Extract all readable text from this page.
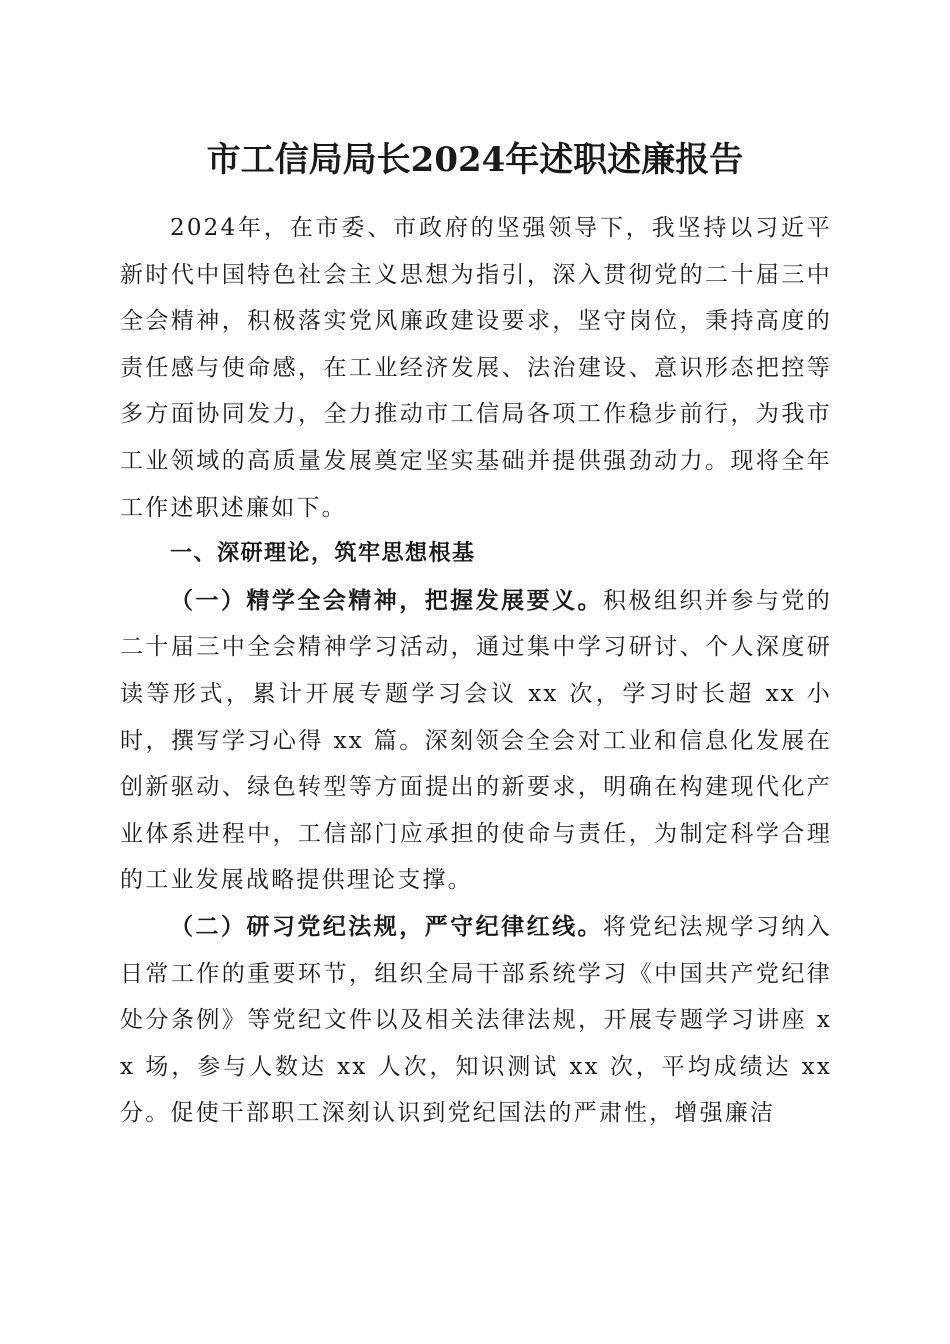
市工信局局长2024年述职述廉报告

2024年，在市委、市政府的坚强领导下，我坚持以习近平新时代中国特色社会主义思想为指引，深入贯彻党的二十届三中全会精神，积极落实党风廉政建设要求，坚守岗位，秉持高度的责任感与使命感，在工业经济发展、法治建设、意识形态把控等多方面协同发力，全力推动市工信局各项工作稳步前行，为我市工业领域的高质量发展奠定坚实基础并提供强劲动力。现将全年工作述职述廉如下。

一、深研理论，筑牢思想根基

（一）精学全会精神，把握发展要义。积极组织并参与党的二十届三中全会精神学习活动，通过集中学习研讨、个人深度研读等形式，累计开展专题学习会议 xx 次，学习时长超 xx 小时，撰写学习心得 xx 篇。深刻领会全会对工业和信息化发展在创新驱动、绿色转型等方面提出的新要求，明确在构建现代化产业体系进程中，工信部门应承担的使命与责任，为制定科学合理的工业发展战略提供理论支撑。

（二）研习党纪法规，严守纪律红线。将党纪法规学习纳入日常工作的重要环节，组织全局干部系统学习《中国共产党纪律处分条例》等党纪文件以及相关法律法规，开展专题学习讲座 xx 场，参与人数达 xx 人次，知识测试 xx 次，平均成绩达 xx 分。促使干部职工深刻认识到党纪国法的严肃性，增强廉洁
